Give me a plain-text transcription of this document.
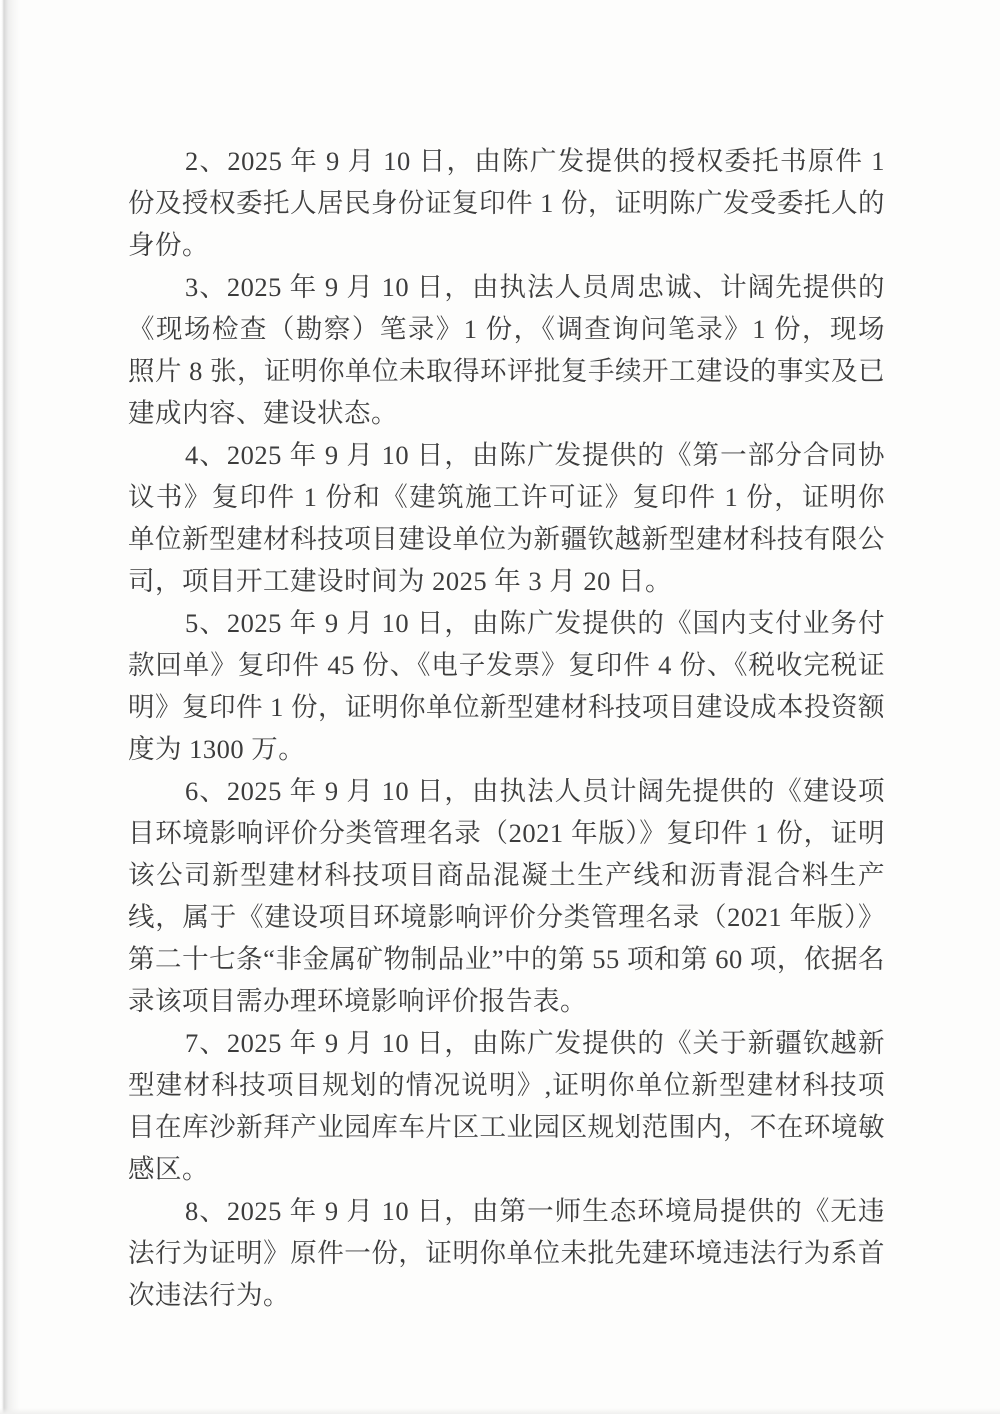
2、2025 年 9 月 10 日，由陈广发提供的授权委托书原件 1 份及授权委托人居民身份证复印件 1 份，证明陈广发受委托人的身份。

3、2025 年 9 月 10 日，由执法人员周忠诚、计阔先提供的《现场检查（勘察）笔录》1 份，《调查询问笔录》1 份，现场照片 8 张，证明你单位未取得环评批复手续开工建设的事实及已建成内容、建设状态。

4、2025 年 9 月 10 日，由陈广发提供的《第一部分合同协议书》复印件 1 份和《建筑施工许可证》复印件 1 份，证明你单位新型建材科技项目建设单位为新疆钦越新型建材科技有限公司，项目开工建设时间为 2025 年 3 月 20 日。

5、2025 年 9 月 10 日，由陈广发提供的《国内支付业务付款回单》复印件 45 份、《电子发票》复印件 4 份、《税收完税证明》复印件 1 份，证明你单位新型建材科技项目建设成本投资额度为 1300 万。

6、2025 年 9 月 10 日，由执法人员计阔先提供的《建设项目环境影响评价分类管理名录（2021 年版）》复印件 1 份，证明该公司新型建材科技项目商品混凝土生产线和沥青混合料生产线，属于《建设项目环境影响评价分类管理名录（2021 年版）》第二十七条“非金属矿物制品业”中的第 55 项和第 60 项，依据名录该项目需办理环境影响评价报告表。

7、2025 年 9 月 10 日，由陈广发提供的《关于新疆钦越新型建材科技项目规划的情况说明》,证明你单位新型建材科技项目在库沙新拜产业园库车片区工业园区规划范围内，不在环境敏感区。

8、2025 年 9 月 10 日，由第一师生态环境局提供的《无违法行为证明》原件一份，证明你单位未批先建环境违法行为系首次违法行为。
